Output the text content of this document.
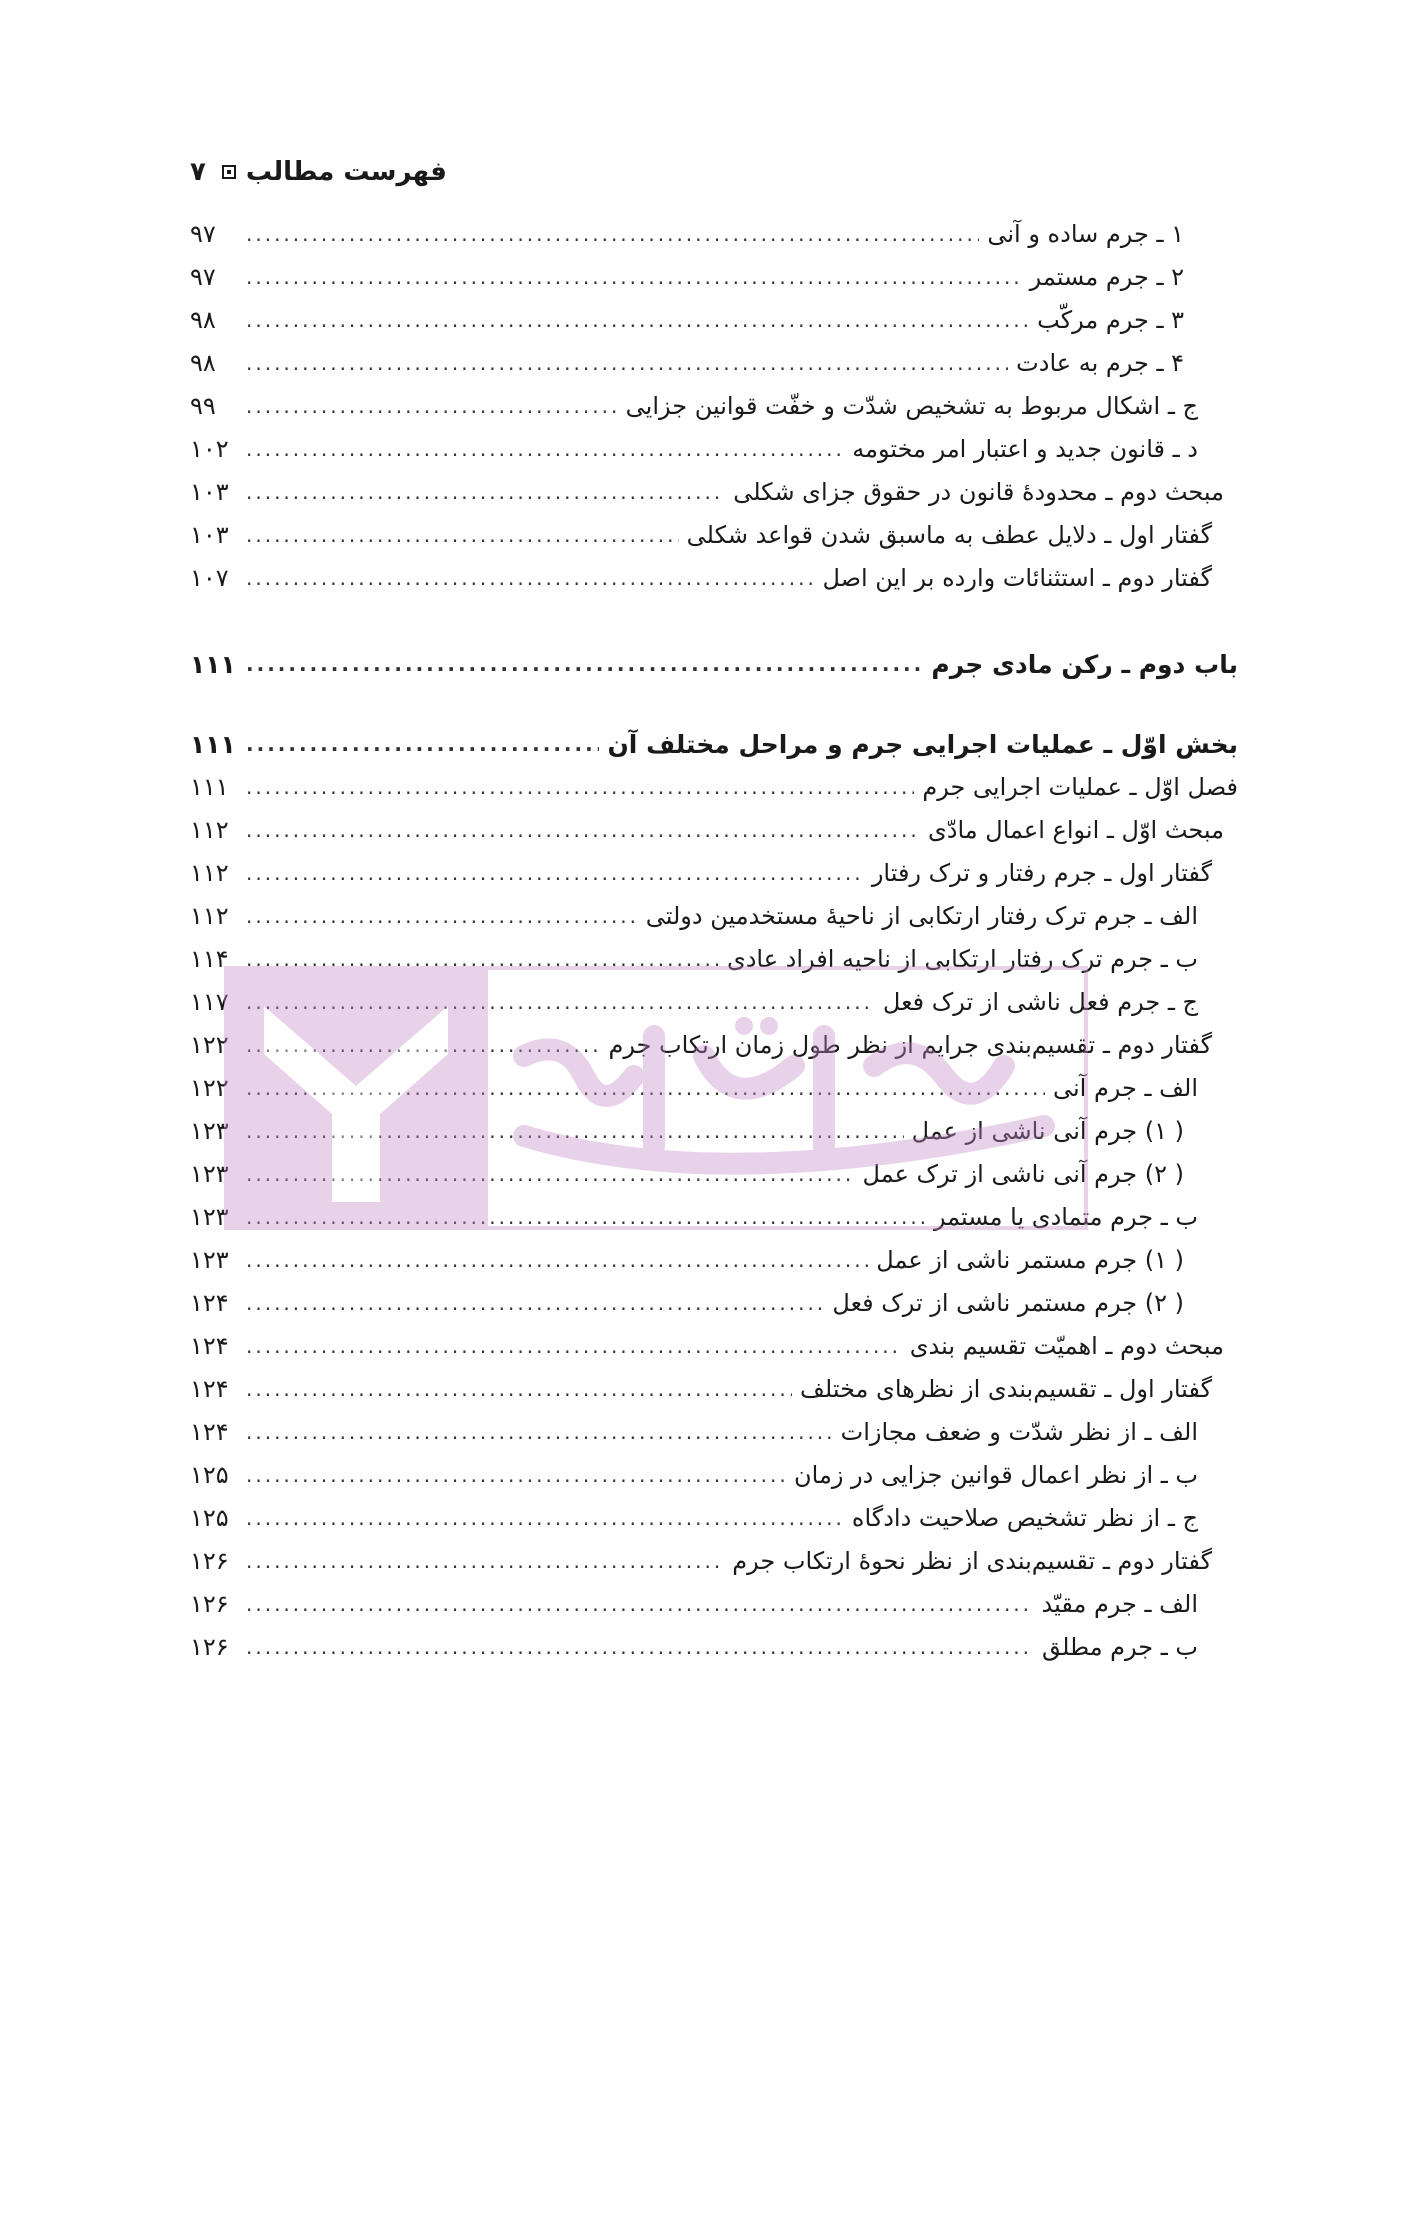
فهرست مطالب
۷
۱ ـ جرم ساده و آنی
.....
۹۷
۲ ـ جرم مستمر
.....
۹۷
۳ ـ جرم مرکّب
.....
۹۸
۴ ـ جرم به عادت
.....
۹۸
ج ـ اشکال مربوط به تشخیص شدّت و خفّت قوانین جزایی
.....
۹۹
د ـ قانون جدید و اعتبار امر مختومه
.....
۱۰۲
مبحث دوم ـ محدودهٔ قانون در حقوق جزای شکلی
.....
۱۰۳
گفتار اول ـ دلایل عطف به ماسبق شدن قواعد شکلی
.....
۱۰۳
گفتار دوم ـ استثنائات وارده بر این اصل
.....
۱۰۷
باب دوم ـ رکن مادی جرم
.....
۱۱۱
بخش اوّل ـ عملیات اجرایی جرم و مراحل مختلف آن
.....
۱۱۱
فصل اوّل ـ عملیات اجرایی جرم
.....
۱۱۱
مبحث اوّل ـ انواع اعمال مادّی
.....
۱۱۲
گفتار اول ـ جرم رفتار و ترک رفتار
.....
۱۱۲
الف ـ جرم ترک رفتار ارتکابی از ناحیهٔ مستخدمین دولتی
.....
۱۱۲
ب ـ جرم ترک رفتار ارتکابی از ناحیه افراد عادی
.....
۱۱۴
ج ـ جرم فعل ناشی از ترک فعل
.....
۱۱۷
گفتار دوم ـ تقسیم‌بندی جرایم از نظر طول زمان ارتکاب جرم
.....
۱۲۲
الف ـ جرم آنی
.....
۱۲۲
( ۱) جرم آنی ناشی از عمل
.....
۱۲۳
( ۲) جرم آنی ناشی از ترک عمل
.....
۱۲۳
ب ـ جرم متمادی یا مستمر
.....
۱۲۳
( ۱) جرم مستمر ناشی از عمل
.....
۱۲۳
( ۲) جرم مستمر ناشی از ترک فعل
.....
۱۲۴
مبحث دوم ـ اهمیّت تقسیم بندی
.....
۱۲۴
گفتار اول ـ تقسیم‌بندی از نظرهای مختلف
.....
۱۲۴
الف ـ از نظر شدّت و ضعف مجازات
.....
۱۲۴
ب ـ از نظر اعمال قوانین جزایی در زمان
.....
۱۲۵
ج ـ از نظر تشخیص صلاحیت دادگاه
.....
۱۲۵
گفتار دوم ـ تقسیم‌بندی از نظر نحوهٔ ارتکاب جرم
.....
۱۲۶
الف ـ جرم مقیّد
.....
۱۲۶
ب ـ جرم مطلق
.....
۱۲۶
